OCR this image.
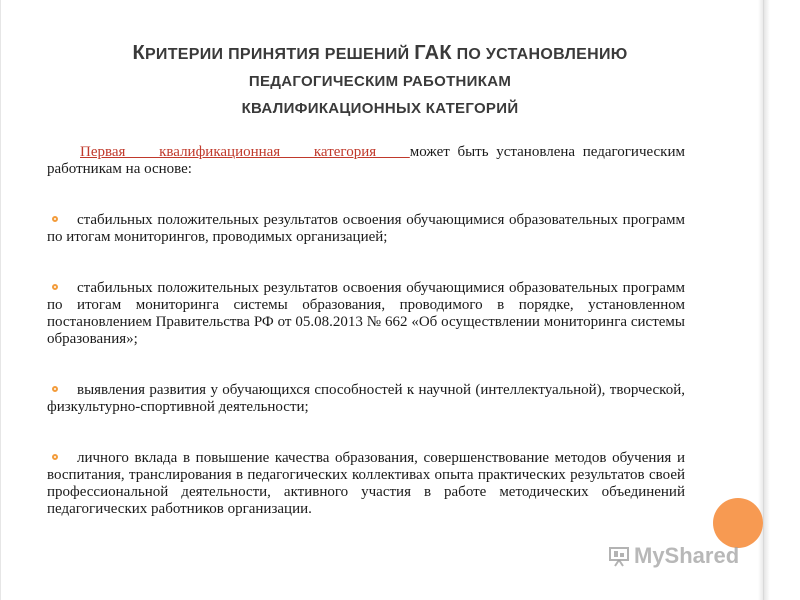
КРИТЕРИИ ПРИНЯТИЯ РЕШЕНИЙ ГАК ПО УСТАНОВЛЕНИЮ
ПЕДАГОГИЧЕСКИМ РАБОТНИКАМ
КВАЛИФИКАЦИОННЫХ КАТЕГОРИЙ

Первая квалификационная категория может быть установлена педагогическим работникам на основе:

стабильных положительных результатов освоения обучающимися образовательных программ по итогам мониторингов, проводимых организацией;
стабильных положительных результатов освоения обучающимися образовательных программ по итогам мониторинга системы образования, проводимого в порядке, установленном постановлением Правительства РФ от 05.08.2013 № 662 «Об осуществлении мониторинга системы образования»;
выявления развития у обучающихся способностей к научной (интеллектуальной), творческой, физкультурно-спортивной деятельности;
личного вклада в повышение качества образования, совершенствование методов обучения и воспитания, транслирования в педагогических коллективах опыта практических результатов своей профессиональной деятельности, активного участия в работе методических объединений педагогических работников организации.
MyShared
